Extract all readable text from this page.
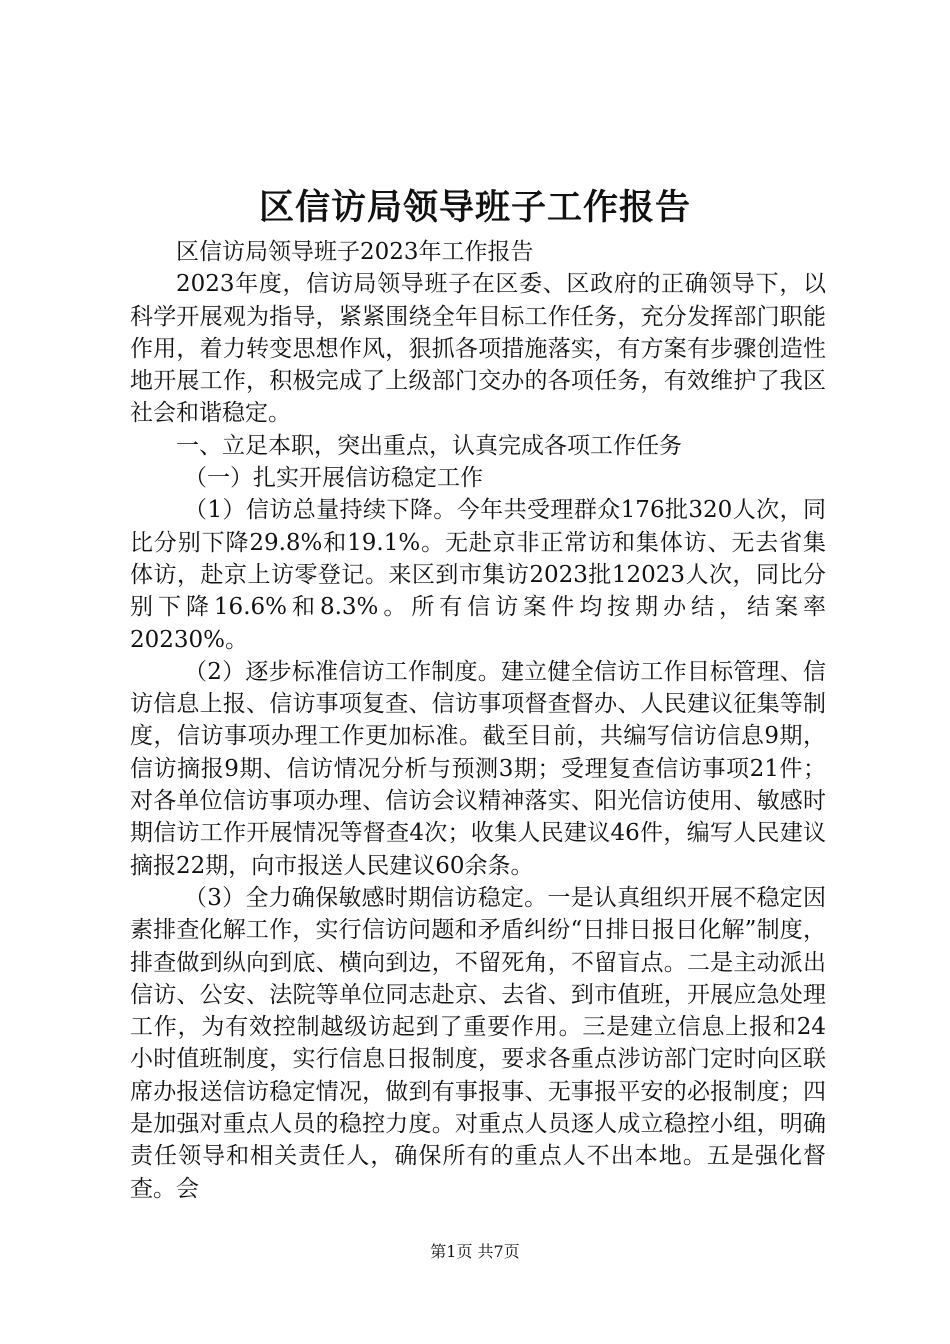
区信访局领导班子工作报告

区信访局领导班子2023年工作报告

2023年度，信访局领导班子在区委、区政府的正确领导下，以科学开展观为指导，紧紧围绕全年目标工作任务，充分发挥部门职能作用，着力转变思想作风，狠抓各项措施落实，有方案有步骤创造性地开展工作，积极完成了上级部门交办的各项任务，有效维护了我区社会和谐稳定。

一、立足本职，突出重点，认真完成各项工作任务

（一）扎实开展信访稳定工作

（1）信访总量持续下降。今年共受理群众176批320人次，同比分别下降29.8%和19.1%。无赴京非正常访和集体访、无去省集体访，赴京上访零登记。来区到市集访2023批12023人次，同比分别下降16.6%和8.3%。所有信访案件均按期办结，结案率20230%。

（2）逐步标准信访工作制度。建立健全信访工作目标管理、信访信息上报、信访事项复查、信访事项督查督办、人民建议征集等制度，信访事项办理工作更加标准。截至目前，共编写信访信息9期，信访摘报9期、信访情况分析与预测3期；受理复查信访事项21件；对各单位信访事项办理、信访会议精神落实、阳光信访使用、敏感时期信访工作开展情况等督查4次；收集人民建议46件，编写人民建议摘报22期，向市报送人民建议60余条。

（3）全力确保敏感时期信访稳定。一是认真组织开展不稳定因素排查化解工作，实行信访问题和矛盾纠纷“日排日报日化解”制度，排查做到纵向到底、横向到边，不留死角，不留盲点。二是主动派出信访、公安、法院等单位同志赴京、去省、到市值班，开展应急处理工作，为有效控制越级访起到了重要作用。三是建立信息上报和24小时值班制度，实行信息日报制度，要求各重点涉访部门定时向区联席办报送信访稳定情况，做到有事报事、无事报平安的必报制度；四是加强对重点人员的稳控力度。对重点人员逐人成立稳控小组，明确责任领导和相关责任人，确保所有的重点人不出本地。五是强化督查。会

第1页 共7页
